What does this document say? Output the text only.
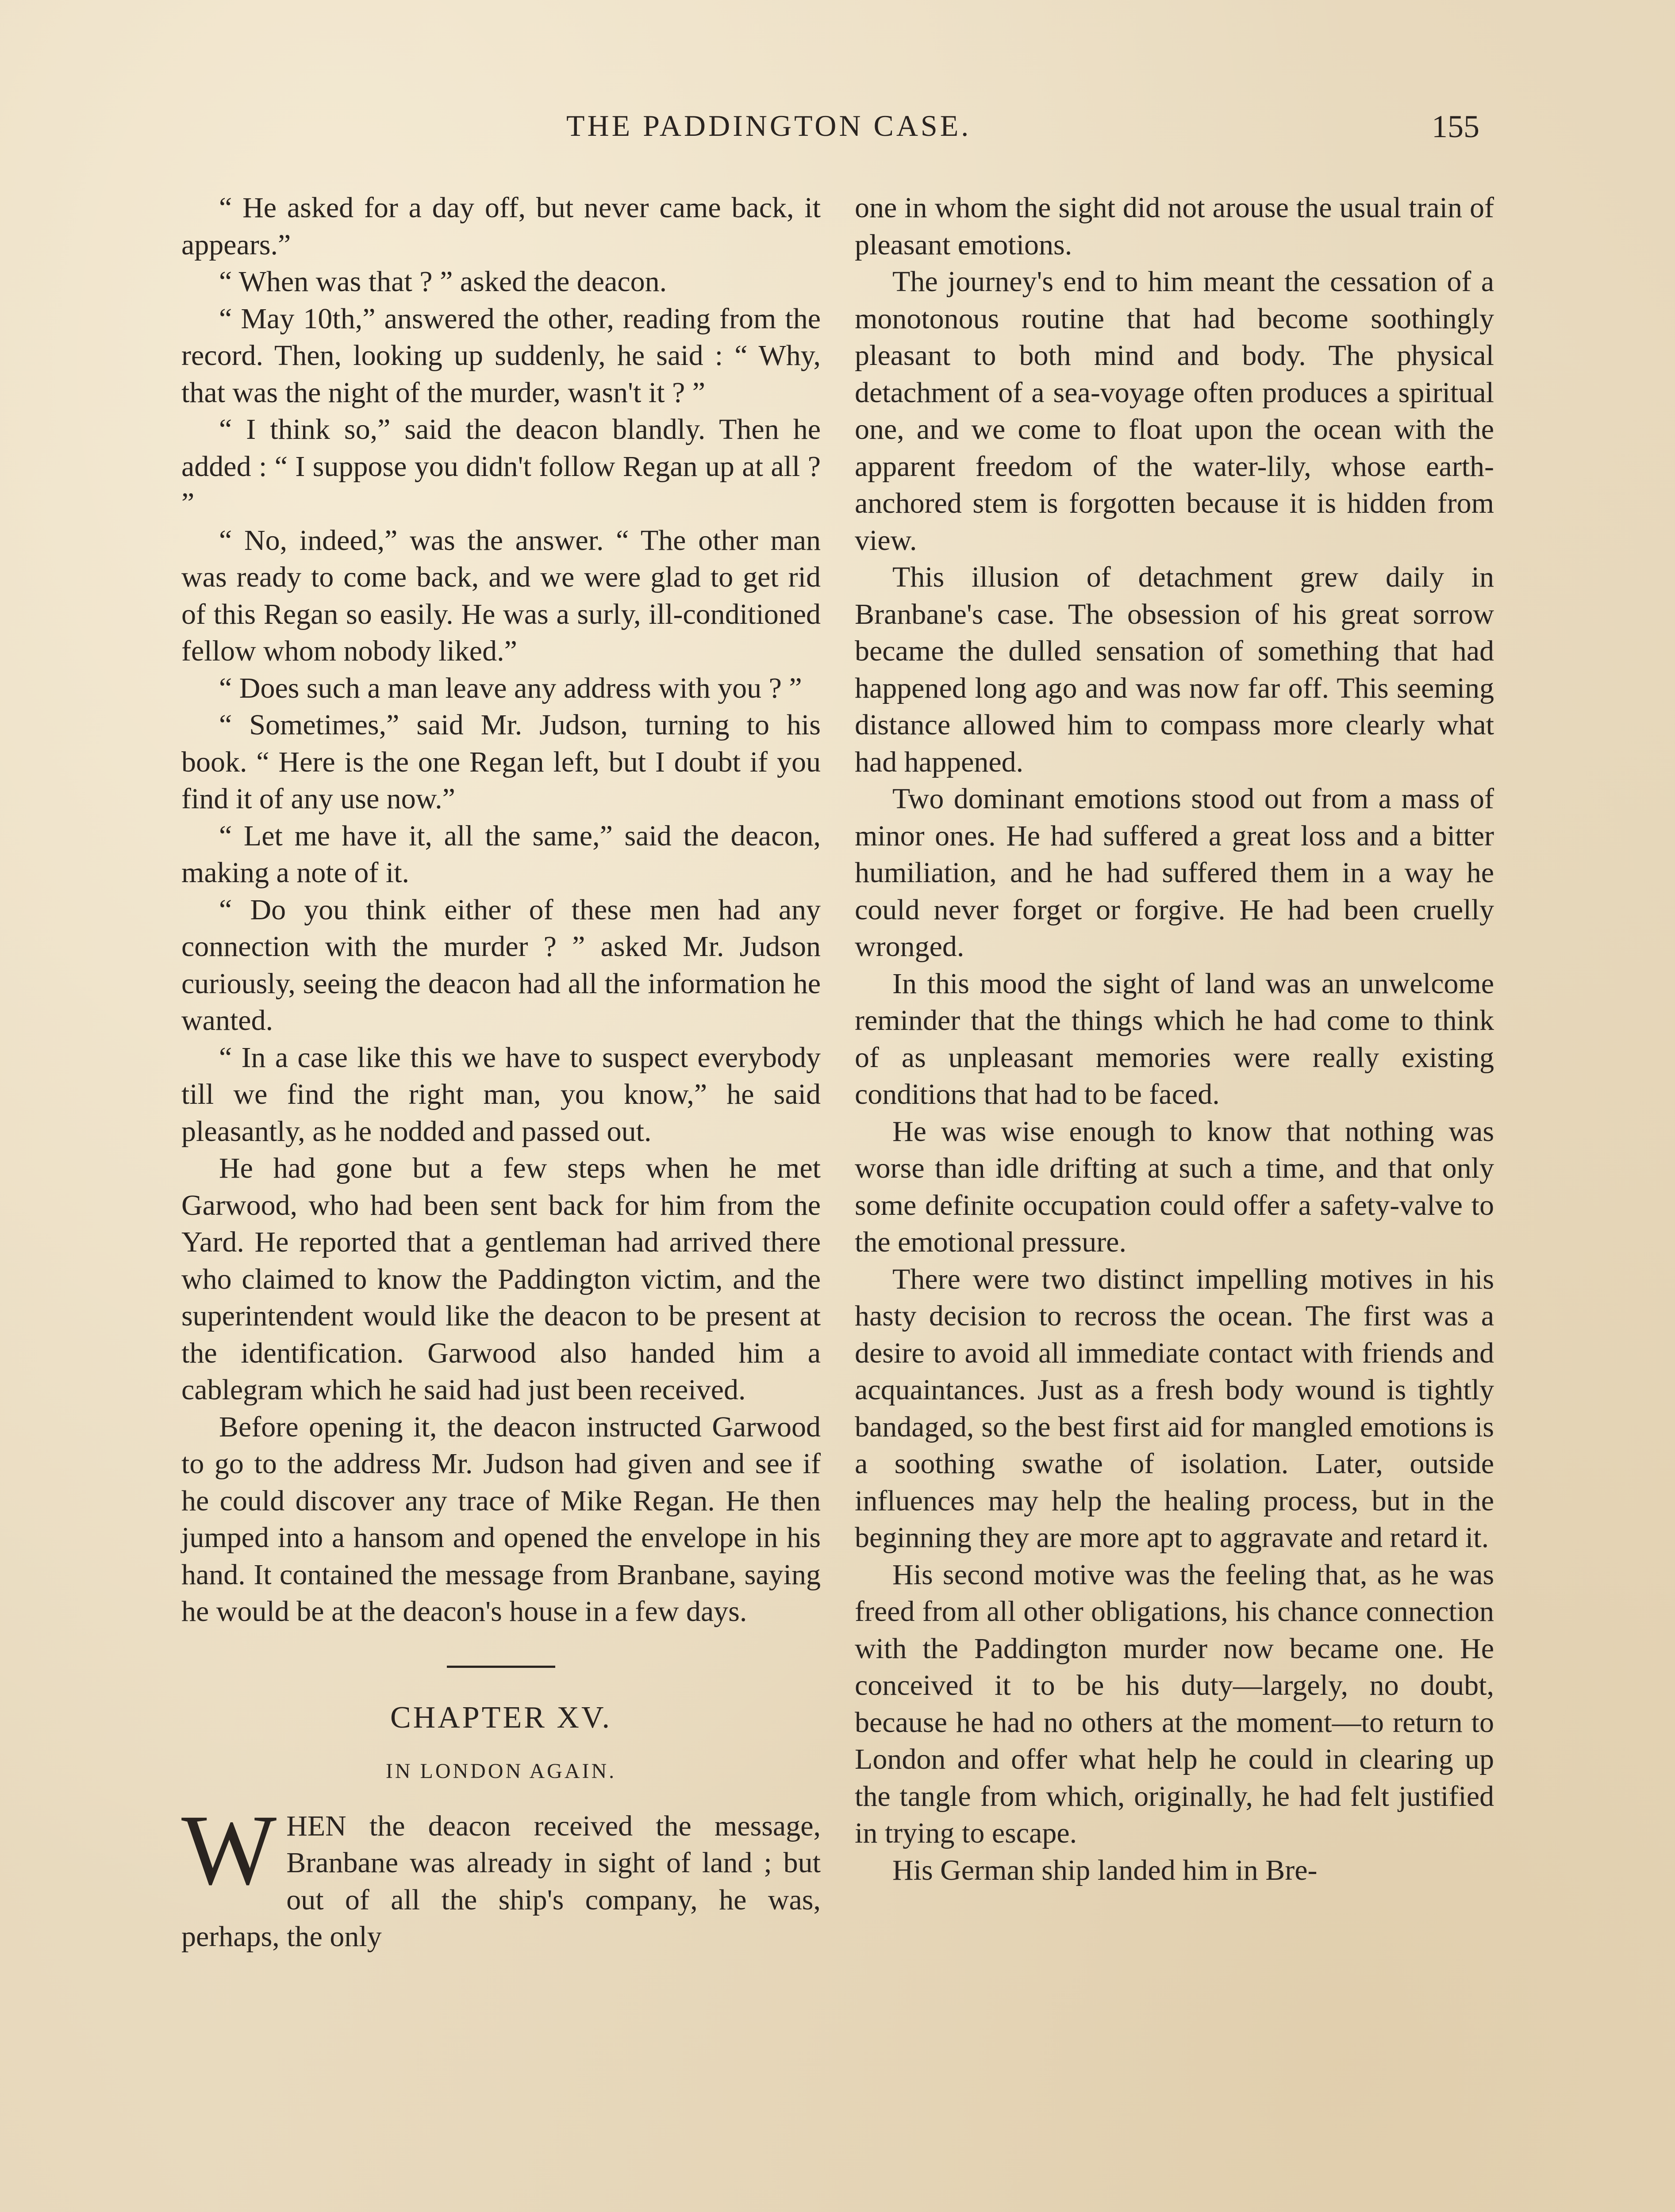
THE PADDINGTON CASE.	155

“ He asked for a day off, but never came back, it appears.”

“ When was that ? ” asked the deacon.

“ May 10th,” answered the other, reading from the record. Then, looking up suddenly, he said : “ Why, that was the night of the murder, wasn't it ? ”

“ I think so,” said the deacon blandly. Then he added : “ I suppose you didn't follow Regan up at all ? ”

“ No, indeed,” was the answer. “ The other man was ready to come back, and we were glad to get rid of this Regan so easily. He was a surly, ill-conditioned fellow whom nobody liked.”

“ Does such a man leave any address with you ? ”

“ Sometimes,” said Mr. Judson, turning to his book. “ Here is the one Regan left, but I doubt if you find it of any use now.”

“ Let me have it, all the same,” said the deacon, making a note of it.

“ Do you think either of these men had any connection with the murder ? ” asked Mr. Judson curiously, seeing the deacon had all the information he wanted.

“ In a case like this we have to suspect everybody till we find the right man, you know,” he said pleasantly, as he nodded and passed out.

He had gone but a few steps when he met Garwood, who had been sent back for him from the Yard. He reported that a gentleman had arrived there who claimed to know the Paddington victim, and the superintendent would like the deacon to be present at the identification. Garwood also handed him a cablegram which he said had just been received.

Before opening it, the deacon instructed Garwood to go to the address Mr. Judson had given and see if he could discover any trace of Mike Regan. He then jumped into a hansom and opened the envelope in his hand. It contained the message from Branbane, saying he would be at the deacon's house in a few days.

CHAPTER XV.
IN LONDON AGAIN.

WHEN the deacon received the message, Branbane was already in sight of land ; but out of all the ship's company, he was, perhaps, the only

one in whom the sight did not arouse the usual train of pleasant emotions.

The journey's end to him meant the cessation of a monotonous routine that had become soothingly pleasant to both mind and body. The physical detachment of a sea-voyage often produces a spiritual one, and we come to float upon the ocean with the apparent freedom of the water-lily, whose earth-anchored stem is forgotten because it is hidden from view.

This illusion of detachment grew daily in Branbane's case. The obsession of his great sorrow became the dulled sensation of something that had happened long ago and was now far off. This seeming distance allowed him to compass more clearly what had happened.

Two dominant emotions stood out from a mass of minor ones. He had suffered a great loss and a bitter humiliation, and he had suffered them in a way he could never forget or forgive. He had been cruelly wronged.

In this mood the sight of land was an unwelcome reminder that the things which he had come to think of as unpleasant memories were really existing conditions that had to be faced.

He was wise enough to know that nothing was worse than idle drifting at such a time, and that only some definite occupation could offer a safety-valve to the emotional pressure.

There were two distinct impelling motives in his hasty decision to recross the ocean. The first was a desire to avoid all immediate contact with friends and acquaintances. Just as a fresh body wound is tightly bandaged, so the best first aid for mangled emotions is a soothing swathe of isolation. Later, outside influences may help the healing process, but in the beginning they are more apt to aggravate and retard it.

His second motive was the feeling that, as he was freed from all other obligations, his chance connection with the Paddington murder now became one. He conceived it to be his duty—largely, no doubt, because he had no others at the moment—to return to London and offer what help he could in clearing up the tangle from which, originally, he had felt justified in trying to escape.

His German ship landed him in Bre-
